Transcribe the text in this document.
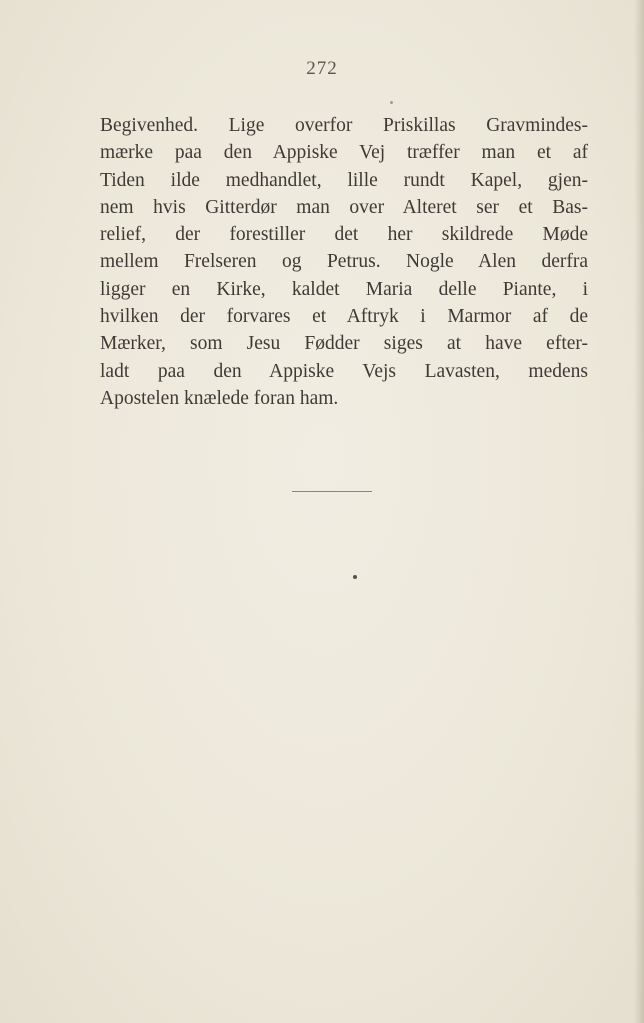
272
Begivenhed. Lige overfor Priskillas Gravmindes-
mærke paa den Appiske Vej træffer man et af
Tiden ilde medhandlet, lille rundt Kapel, gjen-
nem hvis Gitterdør man over Alteret ser et Bas-
relief, der forestiller det her skildrede Møde
mellem Frelseren og Petrus. Nogle Alen derfra
ligger en Kirke, kaldet Maria delle Piante, i
hvilken der forvares et Aftryk i Marmor af de
Mærker, som Jesu Fødder siges at have efter-
ladt paa den Appiske Vejs Lavasten, medens
Apostelen knælede foran ham.
